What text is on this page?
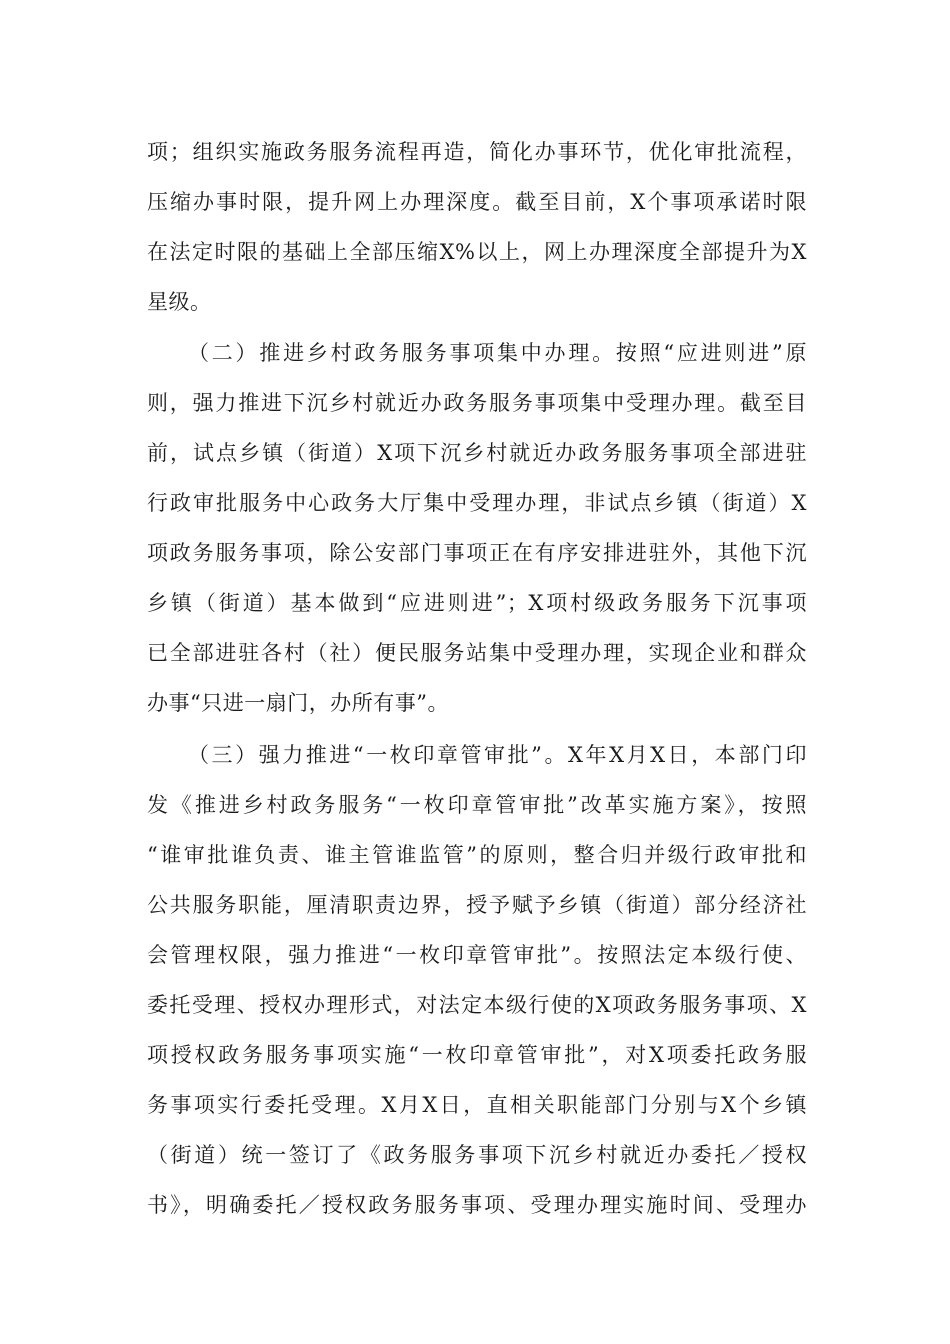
项；组织实施政务服务流程再造，简化办事环节，优化审批流程，
压缩办事时限，提升网上办理深度。截至目前，X个事项承诺时限
在法定时限的基础上全部压缩X%以上，网上办理深度全部提升为X
星级。
（二）推进乡村政务服务事项集中办理。按照“应进则进”原
则，强力推进下沉乡村就近办政务服务事项集中受理办理。截至目
前，试点乡镇（街道）X项下沉乡村就近办政务服务事项全部进驻
行政审批服务中心政务大厅集中受理办理，非试点乡镇（街道）X
项政务服务事项，除公安部门事项正在有序安排进驻外，其他下沉
乡镇（街道）基本做到“应进则进”；X项村级政务服务下沉事项
已全部进驻各村（社）便民服务站集中受理办理，实现企业和群众
办事“只进一扇门，办所有事”。
（三）强力推进“一枚印章管审批”。X年X月X日，本部门印
发《推进乡村政务服务“一枚印章管审批”改革实施方案》，按照
“谁审批谁负责、谁主管谁监管”的原则，整合归并级行政审批和
公共服务职能，厘清职责边界，授予赋予乡镇（街道）部分经济社
会管理权限，强力推进“一枚印章管审批”。按照法定本级行使、
委托受理、授权办理形式，对法定本级行使的X项政务服务事项、X
项授权政务服务事项实施“一枚印章管审批”，对X项委托政务服
务事项实行委托受理。X月X日，直相关职能部门分别与X个乡镇
（街道）统一签订了《政务服务事项下沉乡村就近办委托／授权
书》，明确委托／授权政务服务事项、受理办理实施时间、受理办
